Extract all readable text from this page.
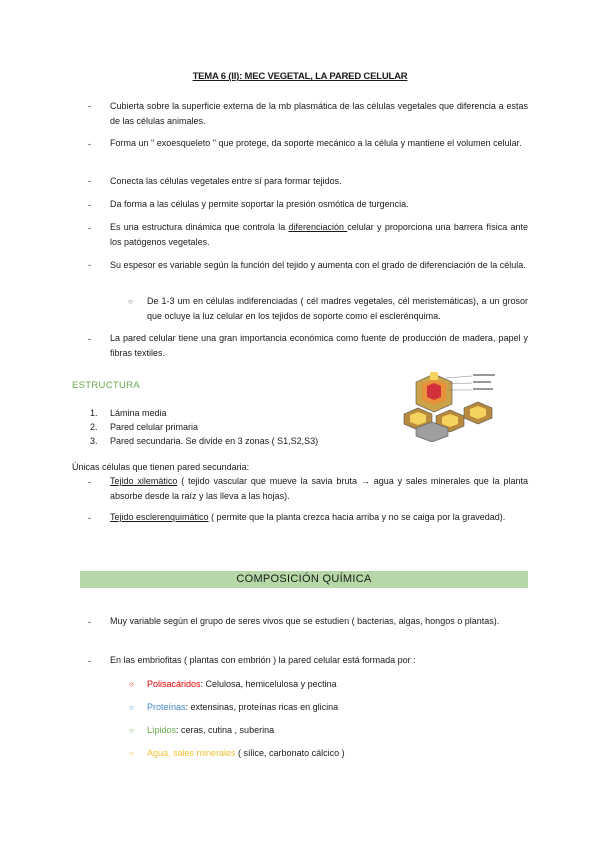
TEMA 6 (II): MEC VEGETAL, LA PARED CELULAR
- Cubierta sobre la superficie externa de la mb plasmática de las células vegetales que diferencia a estas de las células animales.
- Forma un " exoesqueleto " que protege, da soporte mecánico a la célula y mantiene el volumen celular.
- Conecta las células vegetales entre sí para formar tejidos.
- Da forma a las células y permite soportar la presión osmótica de turgencia.
- Es una estructura dinámica que controla la diferenciación celular y proporciona una barrera física ante los patógenos vegetales.
- Su espesor es variable según la función del tejido y aumenta con el grado de diferenciación de la célula.
○ De 1-3 um en células indiferenciadas ( cél madres vegetales, cél meristemáticas), a un grosor que ocluye la luz celular en los tejidos de soporte como el esclerénquima.
- La pared celular tiene una gran importancia económica como fuente de producción de madera, papel y fibras textiles.
ESTRUCTURA
1. Lámina media
2. Pared celular primaria
3. Pared secundaria. Se divide en 3 zonas ( S1,S2,S3)
Únicas células que tienen pared secundaria:
- Tejido xilemático ( tejido vascular que mueve la savia bruta → agua y sales minerales que la planta absorbe desde la raíz y las lleva a las hojas).
- Tejido esclerenquimático ( permite que la planta crezca hacia arriba y no se caiga por la gravedad).
COMPOSICIÓN QUÍMICA
- Muy variable según el grupo de seres vivos que se estudien ( bacterias, algas, hongos o plantas).
- En las embriofitas ( plantas con embrión ) la pared celular está formada por :
○ Polisacáridos: Celulosa, hemicelulosa y pectina
○ Proteínas: extensinas, proteínas ricas en glicina
○ Lípidos: ceras, cutina , suberina
○ Agua, sales minerales ( sílice, carbonato cálcico )
